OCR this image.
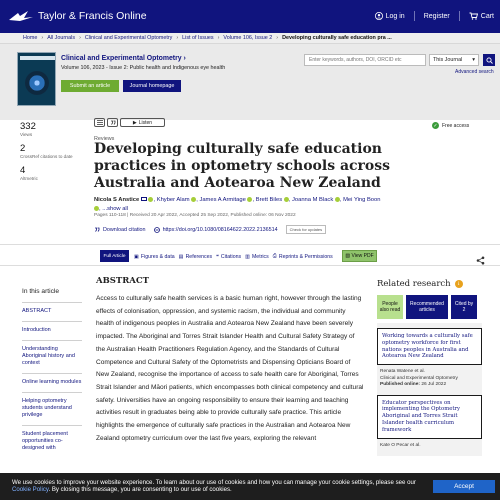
Taylor & Francis Online	Log in	Register	Cart
Home › All Journals › Clinical and Experimental Optometry › List of Issues › Volume 106, Issue 2 › Developing culturally safe education pra ...
Clinical and Experimental Optometry ›
Volume 106, 2023 - Issue 2: Public health and Indigenous eye health
Submit an article	Journal homepage
Enter keywords, authors, DOI, ORCID etc
This Journal ▾
Advanced search
332
Views
2
CrossRef citations to date
4
Altmetric
▶ Listen	✓ Free access
Reviews
Developing culturally safe education practices in optometry schools across Australia and Aotearoa New Zealand
Nicola S Anstice , Khyber Alam , James A Armitage , Brett Biles , Joanna M Black , Mei Ying Boon , ...show all
Pages 110-118 | Received 20 Apr 2022, Accepted 25 Sep 2022, Published online: 06 Nov 2022
Download citation	https://doi.org/10.1080/08164622.2022.2136514	Check for updates
Full Article ▣ Figures & data ▤ References ❝ Citations ▥ Metrics ⎙ Reprints & Permissions	▧ View PDF
In this article
ABSTRACT
Introduction
Understanding Aboriginal history and context
Online learning modules
Helping optometry students understand privilege
Student placement opportunities co-designed with
ABSTRACT

Access to culturally safe health services is a basic human right, however through the lasting effects of colonisation, oppression, and systemic racism, the individual and community health of indigenous peoples in Australia and Aotearoa New Zealand have been severely impacted. The Aboriginal and Torres Strait Islander Health and Cultural Safety Strategy of the Australian Health Practitioners Regulation Agency, and the Standards of Cultural Competence and Cultural Safety of the Optometrists and Dispensing Opticians Board of New Zealand, recognise the importance of access to safe health care for Aboriginal, Torres Strait Islander and Māori patients, which encompasses both clinical competency and cultural safety. Universities have an ongoing responsibility to ensure their learning and teaching activities result in graduates being able to provide culturally safe practice. This article highlights the emergence of culturally safe practices in the Australian and Aotearoa New Zealand optometry curriculum over the last five years, exploring the relevant

Related research	i
People also read
Recommended articles
Cited by 2
Working towards a culturally safe optometry workforce for first nations peoples in Australia and Aotearoa New Zealand
Renata Watene et al.
Clinical and Experimental Optometry
Published online: 26 Jul 2022
Educator perspectives on implementing the Optometry Aboriginal and Torres Strait Islander health curriculum framework
Kate O Pecar et al.
We use cookies to improve your website experience. To learn about our use of cookies and how you can manage your cookie settings, please see our Cookie Policy. By closing this message, you are consenting to our use of cookies.	Accept
